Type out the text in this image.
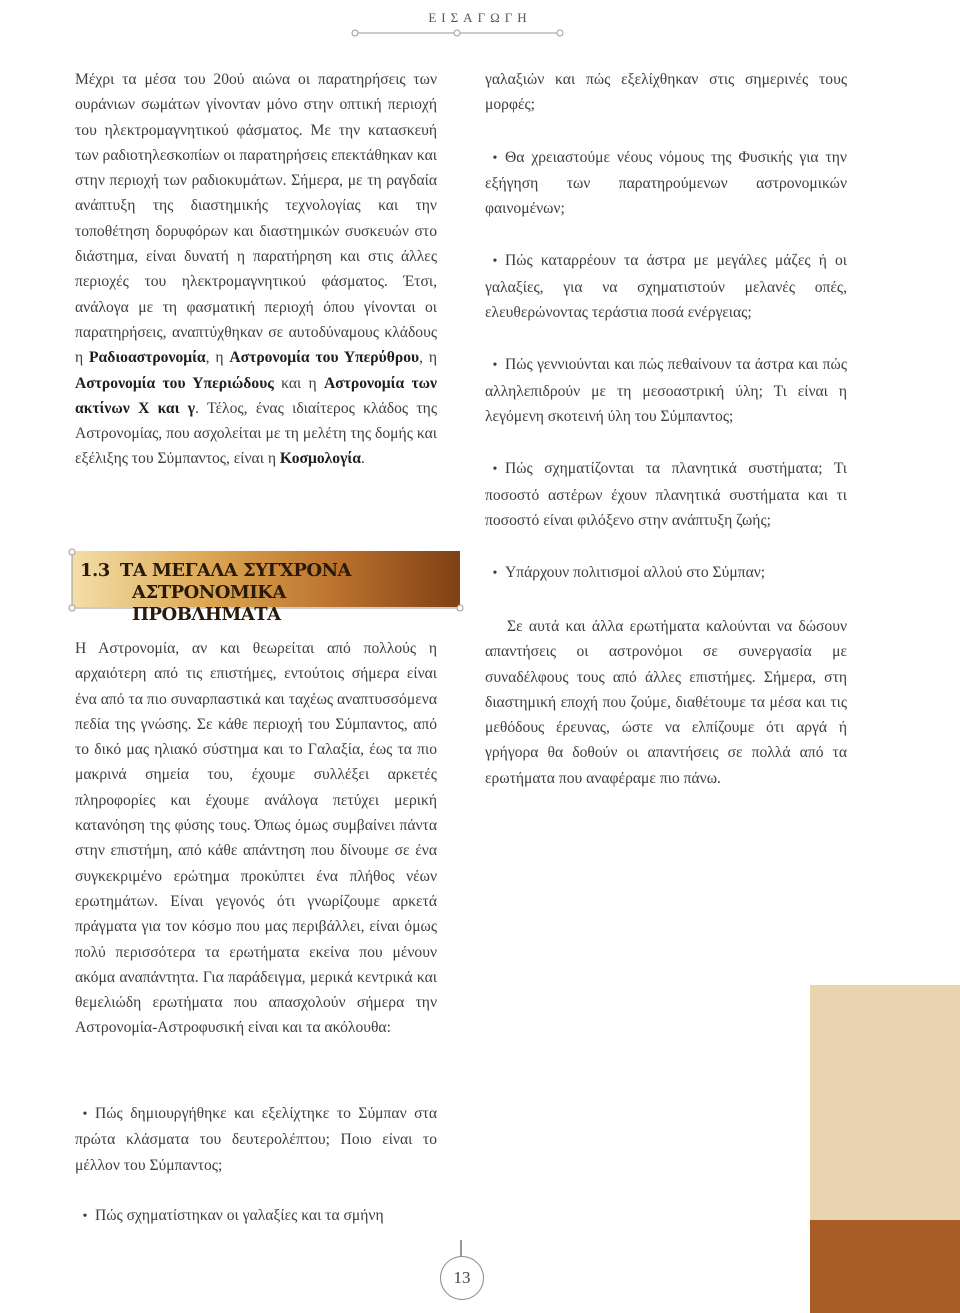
ΕΙΣΑΓΩΓΗ

Μέχρι τα μέσα του 20ού αιώνα οι παρατηρήσεις των ουράνιων σωμάτων γίνονταν μόνο στην οπτική περιοχή του ηλεκτρομαγνητικού φάσματος. Με την κατασκευή των ραδιοτηλεσκοπίων οι παρατηρήσεις επεκτάθηκαν και στην περιοχή των ραδιοκυμάτων. Σήμερα, με τη ραγδαία ανάπτυξη της διαστημικής τεχνολογίας και την τοποθέτηση δορυφόρων και διαστημικών συσκευών στο διάστημα, είναι δυνατή η παρατήρηση και στις άλλες περιοχές του ηλεκτρομαγνητικού φάσματος. Έτσι, ανάλογα με τη φασματική περιοχή όπου γίνονται οι παρατηρήσεις, αναπτύχθηκαν σε αυτοδύναμους κλάδους η Ραδιοαστρονομία, η Αστρονομία του Υπερύθρου, η Αστρονομία του Υπεριώδους και η Αστρονομία των ακτίνων Χ και γ. Τέλος, ένας ιδιαίτερος κλάδος της Αστρονομίας, που ασχολείται με τη μελέτη της δομής και εξέλιξης του Σύμπαντος, είναι η Κοσμολογία.

1.3 ΤΑ ΜΕΓΑΛΑ ΣΥΓΧΡΟΝΑ
ΑΣΤΡΟΝΟΜΙΚΑ ΠΡΟΒΛΗΜΑΤΑ

Η Αστρονομία, αν και θεωρείται από πολλούς η αρχαιότερη από τις επιστήμες, εντούτοις σήμερα είναι ένα από τα πιο συναρπαστικά και ταχέως αναπτυσσόμενα πεδία της γνώσης. Σε κάθε περιοχή του Σύμπαντος, από το δικό μας ηλιακό σύστημα και το Γαλαξία, έως τα πιο μακρινά σημεία του, έχουμε συλλέξει αρκετές πληροφορίες και έχουμε ανάλογα πετύχει μερική κατανόηση της φύσης τους. Όπως όμως συμβαίνει πάντα στην επιστήμη, από κάθε απάντηση που δίνουμε σε ένα συγκεκριμένο ερώτημα προκύπτει ένα πλήθος νέων ερωτημάτων. Είναι γεγονός ότι γνωρίζουμε αρκετά πράγματα για τον κόσμο που μας περιβάλλει, είναι όμως πολύ περισσότερα τα ερωτήματα εκείνα που μένουν ακόμα αναπάντητα. Για παράδειγμα, μερικά κεντρικά και θεμελιώδη ερωτήματα που απασχολούν σήμερα την Αστρονομία-Αστροφυσική είναι και τα ακόλουθα:

• Πώς δημιουργήθηκε και εξελίχτηκε το Σύμπαν στα πρώτα κλάσματα του δευτερολέπτου; Ποιο είναι το μέλλον του Σύμπαντος;
• Πώς σχηματίστηκαν οι γαλαξίες και τα σμήνη

γαλαξιών και πώς εξελίχθηκαν στις σημερινές τους μορφές;

• Θα χρειαστούμε νέους νόμους της Φυσικής για την εξήγηση των παρατηρούμενων αστρονομικών φαινομένων;
• Πώς καταρρέουν τα άστρα με μεγάλες μάζες ή οι γαλαξίες, για να σχηματιστούν μελανές οπές, ελευθερώνοντας τεράστια ποσά ενέργειας;
• Πώς γεννιούνται και πώς πεθαίνουν τα άστρα και πώς αλληλεπιδρούν με τη μεσοαστρική ύλη; Τι είναι η λεγόμενη σκοτεινή ύλη του Σύμπαντος;
• Πώς σχηματίζονται τα πλανητικά συστήματα; Τι ποσοστό αστέρων έχουν πλανητικά συστήματα και τι ποσοστό είναι φιλόξενο στην ανάπτυξη ζωής;
• Υπάρχουν πολιτισμοί αλλού στο Σύμπαν;

Σε αυτά και άλλα ερωτήματα καλούνται να δώσουν απαντήσεις οι αστρονόμοι σε συνεργασία με συναδέλφους τους από άλλες επιστήμες. Σήμερα, στη διαστημική εποχή που ζούμε, διαθέτουμε τα μέσα και τις μεθόδους έρευνας, ώστε να ελπίζουμε ότι αργά ή γρήγορα θα δοθούν οι απαντήσεις σε πολλά από τα ερωτήματα που αναφέραμε πιο πάνω.

13
